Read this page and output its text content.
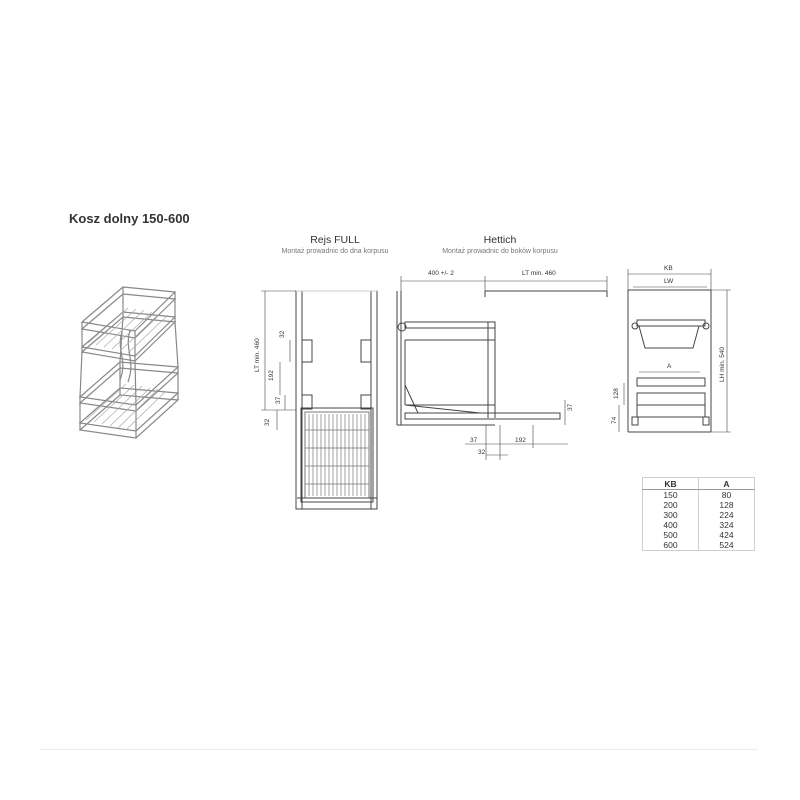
Kosz dolny 150-600
Rejs FULL
Montaż prowadnic do dna korpusu
LT min. 460
32
192
37
32
Hettich
Montaż prowadnic do boków korpusu
400 +/- 2	LT min. 460
37
37	192
32
KB
LW
A	LH min. 540
128
74
KB	A
150	80
200	128
300	224
400	324
500	424
600	524
